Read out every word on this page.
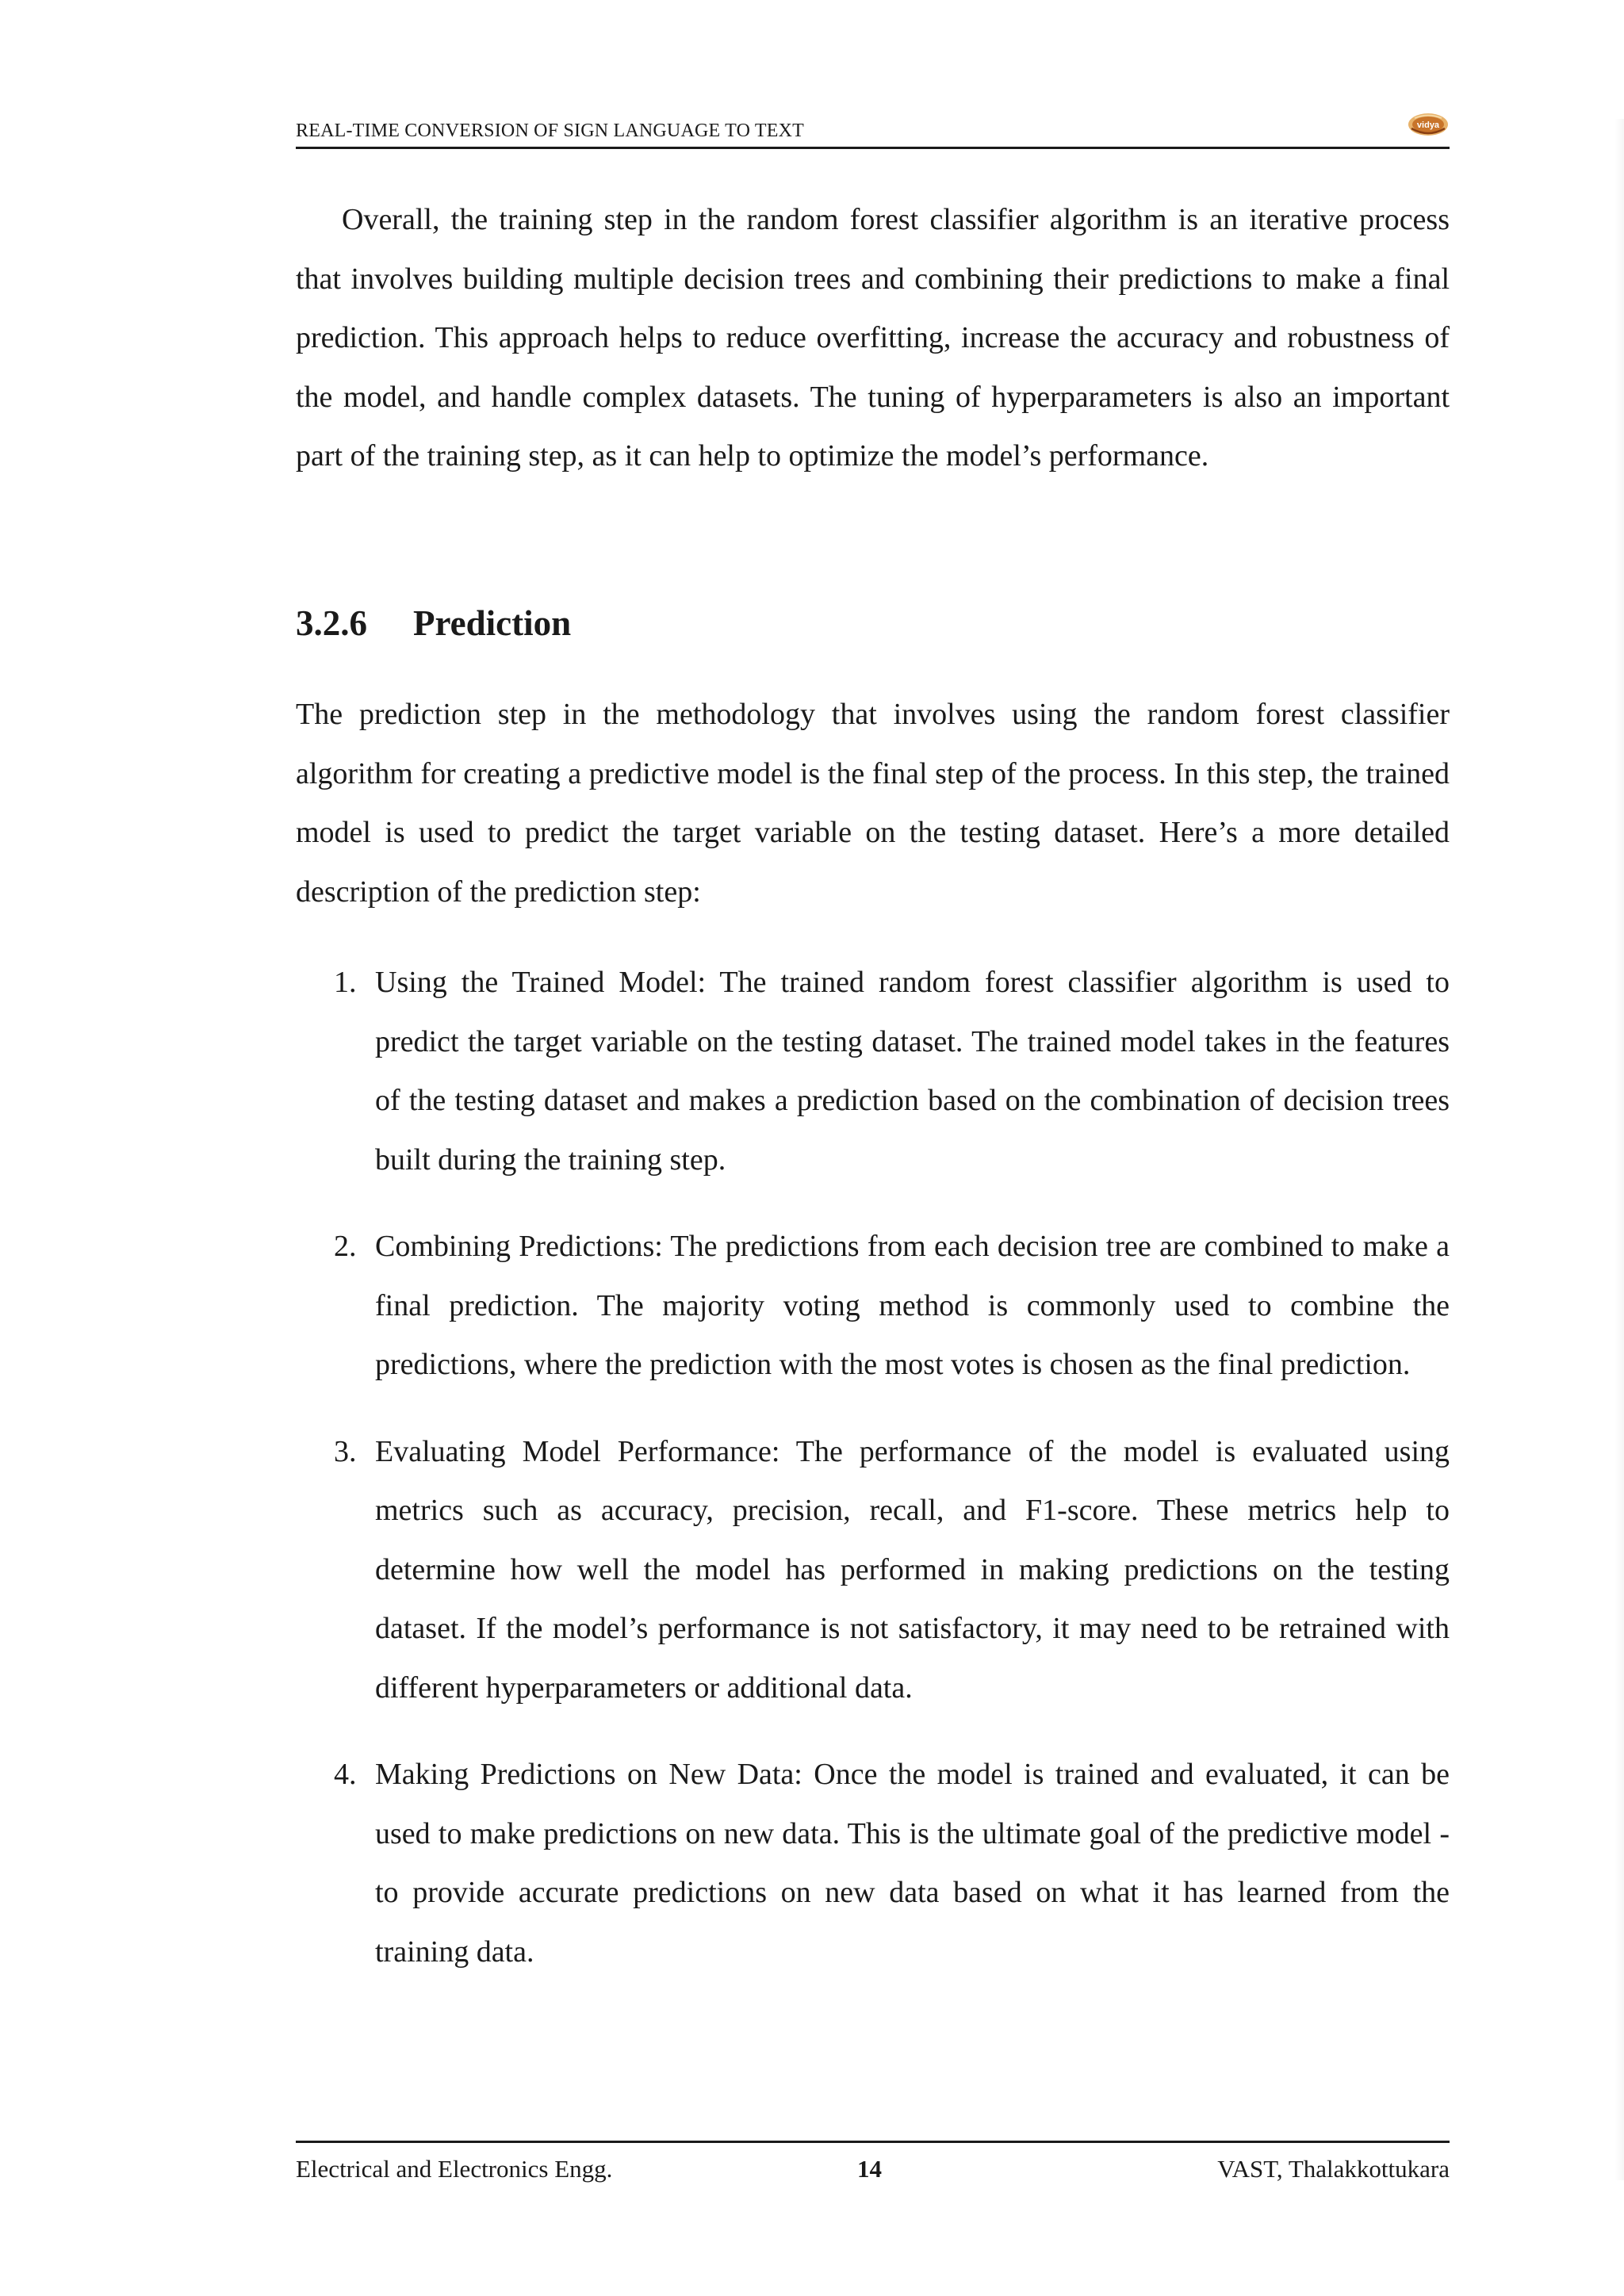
REAL-TIME CONVERSION OF SIGN LANGUAGE TO TEXT	vidya

Overall, the training step in the random forest classifier algorithm is an iterative process that involves building multiple decision trees and combining their predictions to make a final prediction. This approach helps to reduce overfitting, increase the accuracy and robustness of the model, and handle complex datasets. The tuning of hyperparameters is also an important part of the training step, as it can help to optimize the model’s performance.

3.2.6 Prediction

The prediction step in the methodology that involves using the random forest classifier algorithm for creating a predictive model is the final step of the process. In this step, the trained model is used to predict the target variable on the testing dataset. Here’s a more detailed description of the prediction step:

1. Using the Trained Model: The trained random forest classifier algorithm is used to predict the target variable on the testing dataset. The trained model takes in the features of the testing dataset and makes a prediction based on the combination of decision trees built during the training step.

2. Combining Predictions: The predictions from each decision tree are combined to make a final prediction. The majority voting method is commonly used to combine the predictions, where the prediction with the most votes is chosen as the final prediction.

3. Evaluating Model Performance: The performance of the model is evaluated using metrics such as accuracy, precision, recall, and F1-score. These metrics help to determine how well the model has performed in making predictions on the testing dataset. If the model’s performance is not satisfactory, it may need to be retrained with different hyperparameters or additional data.

4. Making Predictions on New Data: Once the model is trained and evaluated, it can be used to make predictions on new data. This is the ultimate goal of the predictive model - to provide accurate predictions on new data based on what it has learned from the training data.

Electrical and Electronics Engg.	14	VAST, Thalakkottukara
